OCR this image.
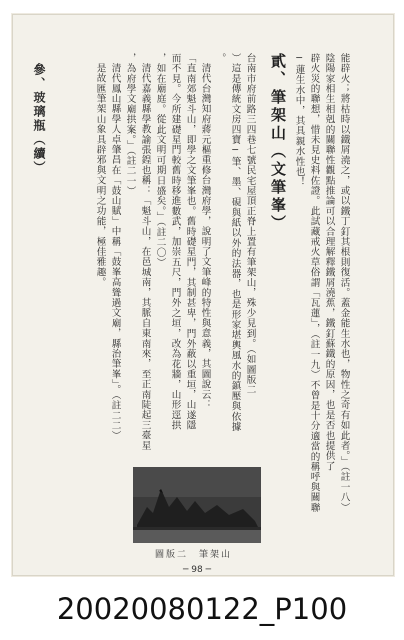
能辟火；將枯時以鐵屑澆之，或以鐵丁釘其根則復活。蓋金能生水也，物性之奇有如此者。」（註一八）
陰陽家相生相剋的關聯性觀點推論可以合理解釋鐵屑澆蕉，鐵釘蘇鐵的原因，也是否也提供了
辟火災的聯想，惜未見史料佐證。此試藏戒火草俗謂「瓦蓮」，（註一九）不曾是十分適當的稱呼與關聯
─蓮生水中，其具親水性也！
貳、筆架山（文筆峯）
台南市府前路三四巷七號民宅屋頂正脊上置有筆架山，殊少見到。（如圖版二
）這是傳統文房四寶─筆、墨、硯與紙以外的法器，也是形家堪輿風水的鎮壓與依據
。
清代台灣知府蔣元樞重修台灣府學，說明了文筆峰的特性與意義，其圖說云：
「直南郊魁斗山，即學之文筆峯也。舊時礎星門，其制甚卑，門外蔽以重垣，山遂隱
而不見。今所建礎星門較舊時移進數武，加崇五尺，門外之垣，改為花牆，山形逕拱
，如在廟庭。從此文明可期日盛矣。」（註二〇）
清代嘉義縣學教諭張鍠也稱：「魁斗山，在邑城南，其脈自東南來，至正南陡起三臺星
，為府學文廟拱案。」（註二一）
清代鳳山縣學人卓肇昌在「鼓山賦」中稱「鼓峯高聳過文廟，縣治筆峯」。（註二二）
是故匯筆架山象具辟邪與文明之功能，極佳雅趣。
參、玻璃瓶（續）
圖版二　筆架山
─ 98 ─
20020080122_P100
